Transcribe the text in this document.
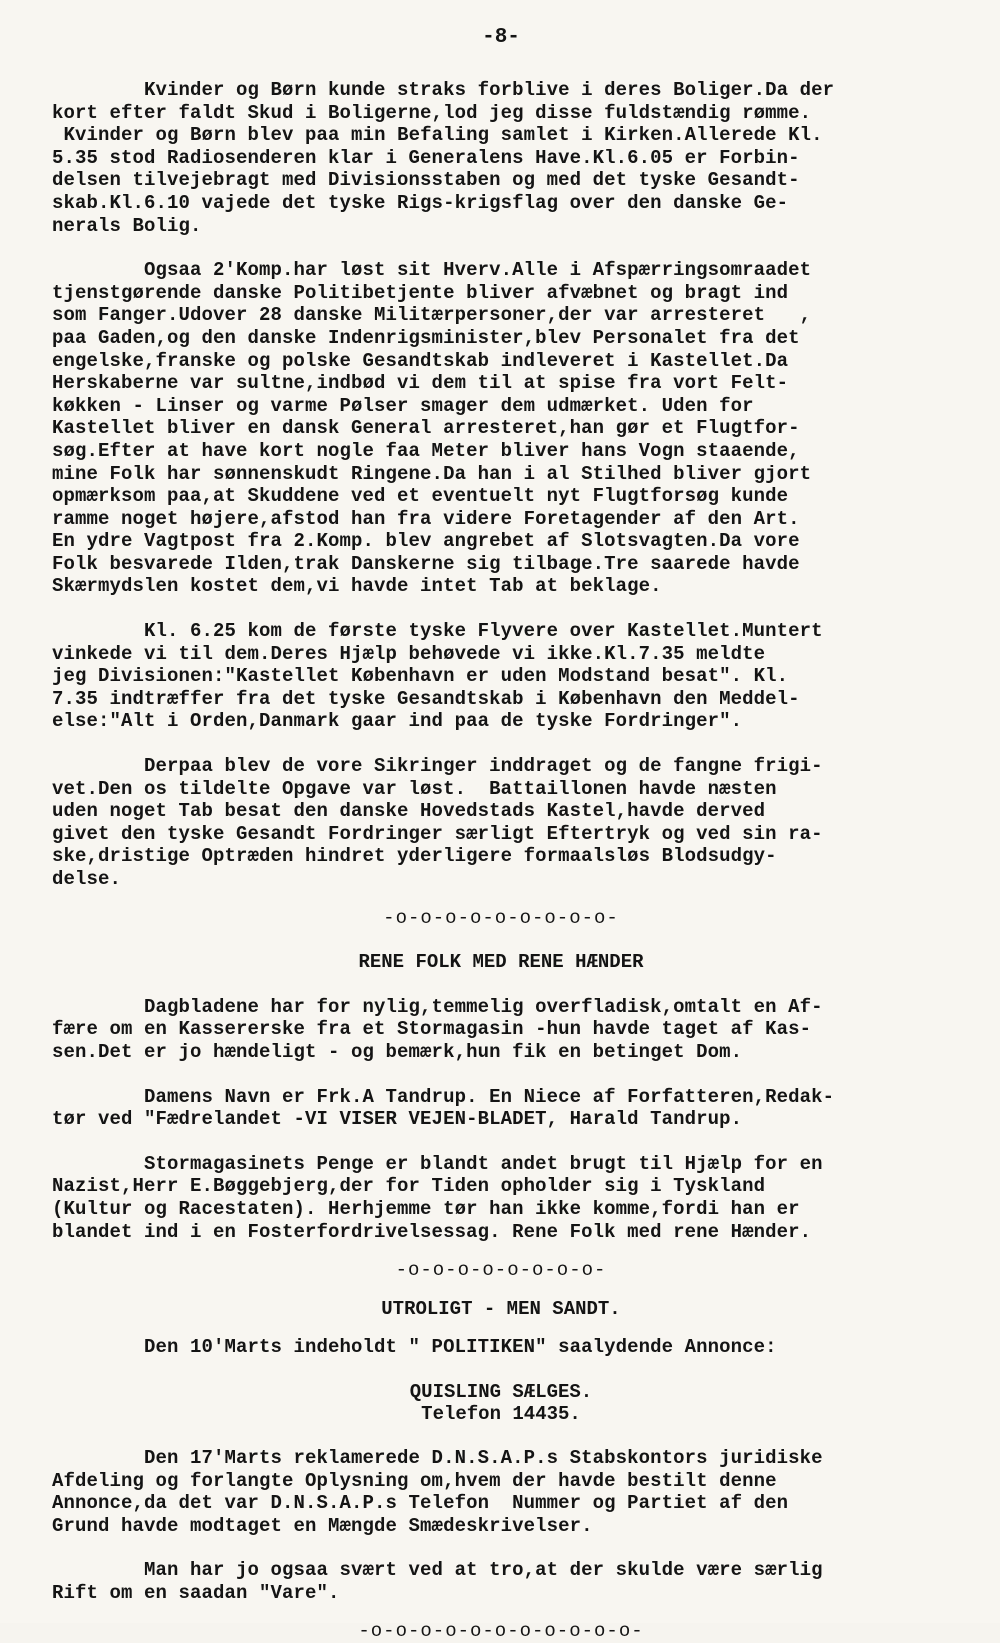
-8-

Kvinder og Børn kunde straks forblive i deres Boliger.Da der
kort efter faldt Skud i Boligerne,lod jeg disse fuldstændig rømme.
Kvinder og Børn blev paa min Befaling samlet i Kirken.Allerede Kl.
5.35 stod Radiosenderen klar i Generalens Have.Kl.6.05 er Forbin-
delsen tilvejebragt med Divisionsstaben og med det tyske Gesandt-
skab.Kl.6.10 vajede det tyske Rigs-krigsflag over den danske Ge-
nerals Bolig.

Ogsaa 2'Komp.har løst sit Hverv.Alle i Afspærringsomraadet
tjenstgørende danske Politibetjente bliver afvæbnet og bragt ind
som Fanger.Udover 28 danske Militærpersoner,der var arresteret   ,
paa Gaden,og den danske Indenrigsminister,blev Personalet fra det
engelske,franske og polske Gesandtskab indleveret i Kastellet.Da
Herskaberne var sultne,indbød vi dem til at spise fra vort Felt-
køkken - Linser og varme Pølser smager dem udmærket. Uden for
Kastellet bliver en dansk General arresteret,han gør et Flugtfor-
søg.Efter at have kort nogle faa Meter bliver hans Vogn staaende,
mine Folk har sønnenskudt Ringene.Da han i al Stilhed bliver gjort
opmærksom paa,at Skuddene ved et eventuelt nyt Flugtforsøg kunde
ramme noget højere,afstod han fra videre Foretagender af den Art.
En ydre Vagtpost fra 2.Komp. blev angrebet af Slotsvagten.Da vore
Folk besvarede Ilden,trak Danskerne sig tilbage.Tre saarede havde
Skærmydslen kostet dem,vi havde intet Tab at beklage.

Kl. 6.25 kom de første tyske Flyvere over Kastellet.Muntert
vinkede vi til dem.Deres Hjælp behøvede vi ikke.Kl.7.35 meldte
jeg Divisionen:"Kastellet København er uden Modstand besat". Kl.
7.35 indtræffer fra det tyske Gesandtskab i København den Meddel-
else:"Alt i Orden,Danmark gaar ind paa de tyske Fordringer".

Derpaa blev de vore Sikringer inddraget og de fangne frigi-
vet.Den os tildelte Opgave var løst.  Battaillonen havde næsten
uden noget Tab besat den danske Hovedstads Kastel,havde derved
givet den tyske Gesandt Fordringer særligt Eftertryk og ved sin ra-
ske,dristige Optræden hindret yderligere formaalsløs Blodsudgy-
delse.

-o-o-o-o-o-o-o-o-o-

RENE FOLK MED RENE HÆNDER

Dagbladene har for nylig,temmelig overfladisk,omtalt en Af-
fære om en Kassererske fra et Stormagasin -hun havde taget af Kas-
sen.Det er jo hændeligt - og bemærk,hun fik en betinget Dom.

Damens Navn er Frk.A Tandrup. En Niece af Forfatteren,Redak-
tør ved "Fædrelandet -VI VISER VEJEN-BLADET, Harald Tandrup.

Stormagasinets Penge er blandt andet brugt til Hjælp for en
Nazist,Herr E.Bøggebjerg,der for Tiden opholder sig i Tyskland
(Kultur og Racestaten). Herhjemme tør han ikke komme,fordi han er
blandet ind i en Fosterfordrivelsessag. Rene Folk med rene Hænder.

-o-o-o-o-o-o-o-o-

UTROLIGT - MEN SANDT.

Den 10'Marts indeholdt " POLITIKEN" saalydende Annonce:

QUISLING SÆLGES.

Telefon 14435.

Den 17'Marts reklamerede D.N.S.A.P.s Stabskontors juridiske
Afdeling og forlangte Oplysning om,hvem der havde bestilt denne
Annonce,da det var D.N.S.A.P.s Telefon  Nummer og Partiet af den
Grund havde modtaget en Mængde Smædeskrivelser.

Man har jo ogsaa svært ved at tro,at der skulde være særlig
Rift om en saadan "Vare".

-o-o-o-o-o-o-o-o-o-o-o-
